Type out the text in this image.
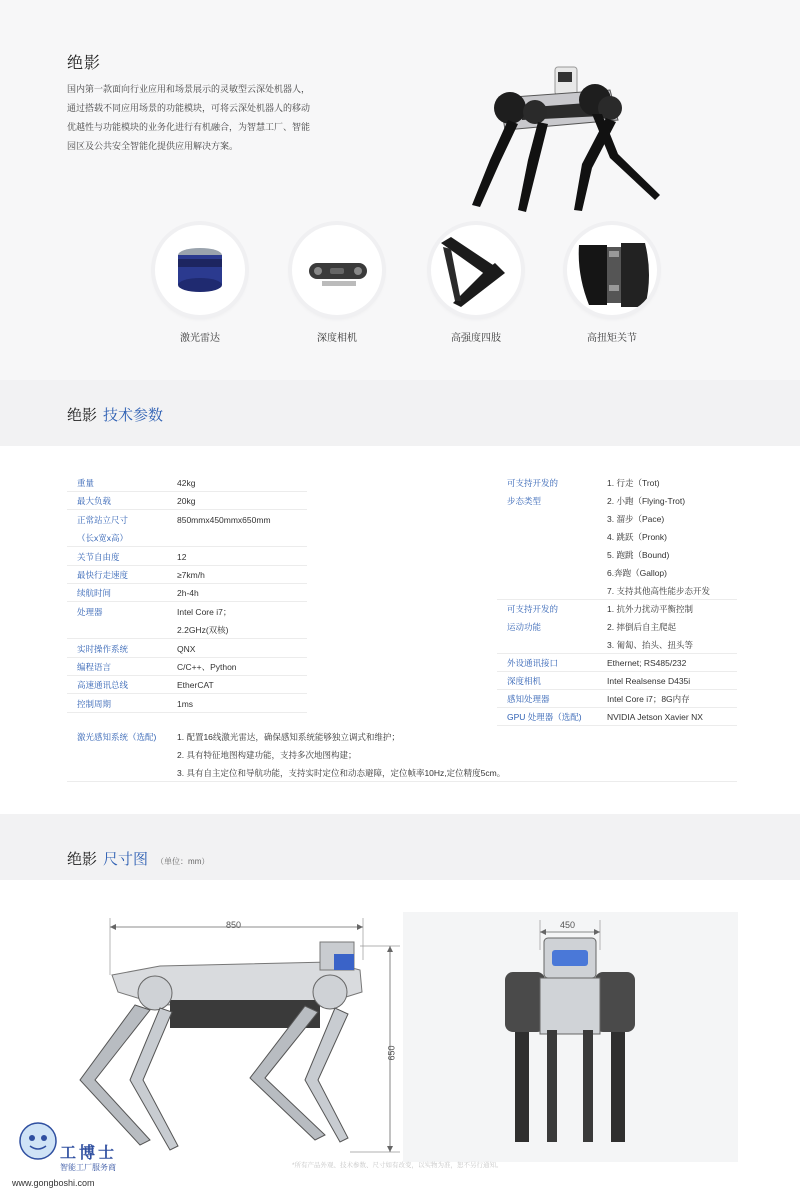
绝影
国内第一款面向行业应用和场景展示的灵敏型云深处机器人，通过搭载不同应用场景的功能模块，可将云深处机器人的移动优越性与功能模块的业务化进行有机融合，为智慧工厂、智能园区及公共安全智能化提供应用解决方案。
激光雷达	深度相机	高强度四肢	高扭矩关节
绝影 技术参数
重量	42kg
最大负载	20kg
正常站立尺寸	850mmx450mmx650mm
（长x宽x高）
关节自由度	12
最快行走速度	≥7km/h
续航时间	2h-4h
处理器	Intel Core i7；
2.2GHz(双核)
实时操作系统	QNX
编程语言	C/C++、Python
高速通讯总线	EtherCAT
控制周期	1ms
可支持开发的	1. 行走（Trot)
步态类型	2. 小跑（Flying-Trot)
3. 溜步（Pace)
4. 跳跃（Pronk)
5. 跑跳（Bound)
6.奔跑（Gallop)
7. 支持其他高性能步态开发
可支持开发的	1. 抗外力扰动平衡控制
运动功能	2. 摔倒后自主爬起
3. 匍匐、抬头、扭头等
外设通讯接口	Ethernet; RS485/232
深度相机	Intel Realsense D435i
感知处理器	Intel Core i7；8G内存
GPU 处理器（选配)	NVIDIA Jetson Xavier NX
激光感知系统（选配) 1. 配置16线激光雷达，确保感知系统能够独立调式和维护；
2. 具有特征地图构建功能，支持多次地图构建；
3. 具有自主定位和导航功能，支持实时定位和动态避障，定位帧率10Hz,定位精度5cm。
绝影 尺寸图 （单位：mm）
850
650
450
*所有产品外观、技术参数、尺寸如有改变，以实物为准，恕不另行通知。
工博士
智能工厂服务商
www.gongboshi.com
